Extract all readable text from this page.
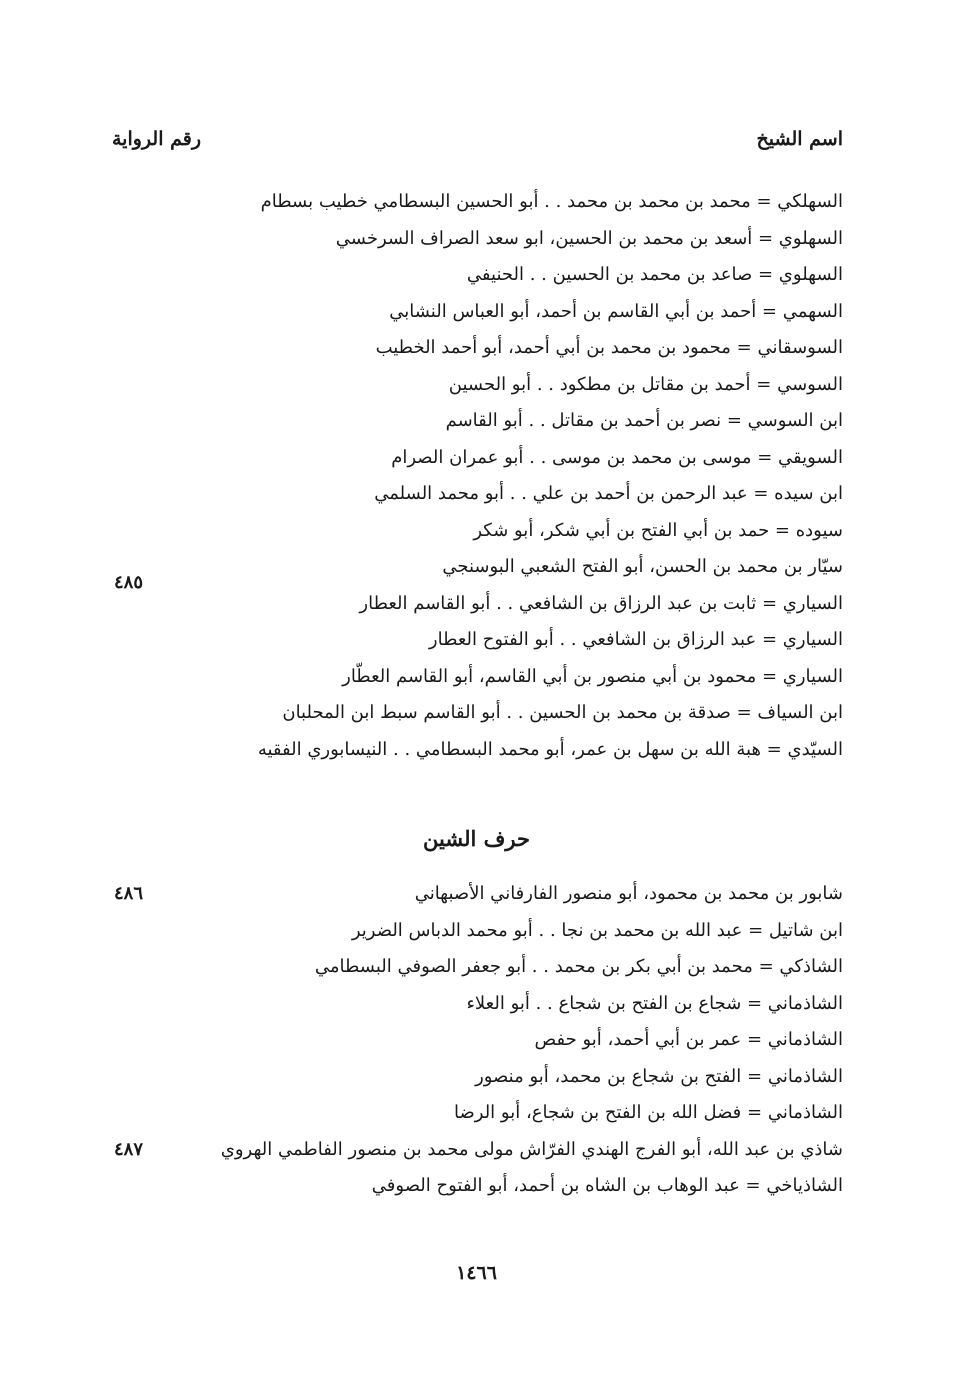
اسم الشيخ
رقم الرواية
السهلكي = محمد بن محمد بن محمد . . أبو الحسين البسطامي خطيب بسطام
السهلوي = أسعد بن محمد بن الحسين، ابو سعد الصراف السرخسي
السهلوي = صاعد بن محمد بن الحسين . . الحنيفي
السهمي = أحمد بن أبي القاسم بن أحمد، أبو العباس النشابي
السوسقاني = محمود بن محمد بن أبي أحمد، أبو أحمد الخطيب
السوسي = أحمد بن مقاتل بن مطكود . . أبو الحسين
ابن السوسي = نصر بن أحمد بن مقاتل . . أبو القاسم
السويقي = موسى بن محمد بن موسى . . أبو عمران الصرام
ابن سيده = عبد الرحمن بن أحمد بن علي . . أبو محمد السلمي
سيوده = حمد بن أبي الفتح بن أبي شكر، أبو شكر
سيّار بن محمد بن الحسن، أبو الفتح الشعبي البوسنجي
السياري = ثابت بن عبد الرزاق بن الشافعي . . أبو القاسم العطار
السياري = عبد الرزاق بن الشافعي . . أبو الفتوح العطار
السياري = محمود بن أبي منصور بن أبي القاسم، أبو القاسم العطّار
ابن السياف = صدقة بن محمد بن الحسين . . أبو القاسم سبط ابن المحلبان
السيّدي = هبة الله بن سهل بن عمر، أبو محمد البسطامي . . النيسابوري الفقيه
٤٨٥
حرف الشين
شابور بن محمد بن محمود، أبو منصور الفارفاني الأصبهاني
ابن شاتيل = عبد الله بن محمد بن نجا . . أبو محمد الدباس الضرير
الشاذكي = محمد بن أبي بكر بن محمد . . أبو جعفر الصوفي البسطامي
الشاذماني = شجاع بن الفتح بن شجاع . . أبو العلاء
الشاذماني = عمر بن أبي أحمد، أبو حفص
الشاذماني = الفتح بن شجاع بن محمد، أبو منصور
الشاذماني = فضل الله بن الفتح بن شجاع، أبو الرضا
شاذي بن عبد الله، أبو الفرج الهندي الفرّاش مولى محمد بن منصور الفاطمي الهروي
الشاذياخي = عبد الوهاب بن الشاه بن أحمد، أبو الفتوح الصوفي
٤٨٦
٤٨٧
١٤٦٦
